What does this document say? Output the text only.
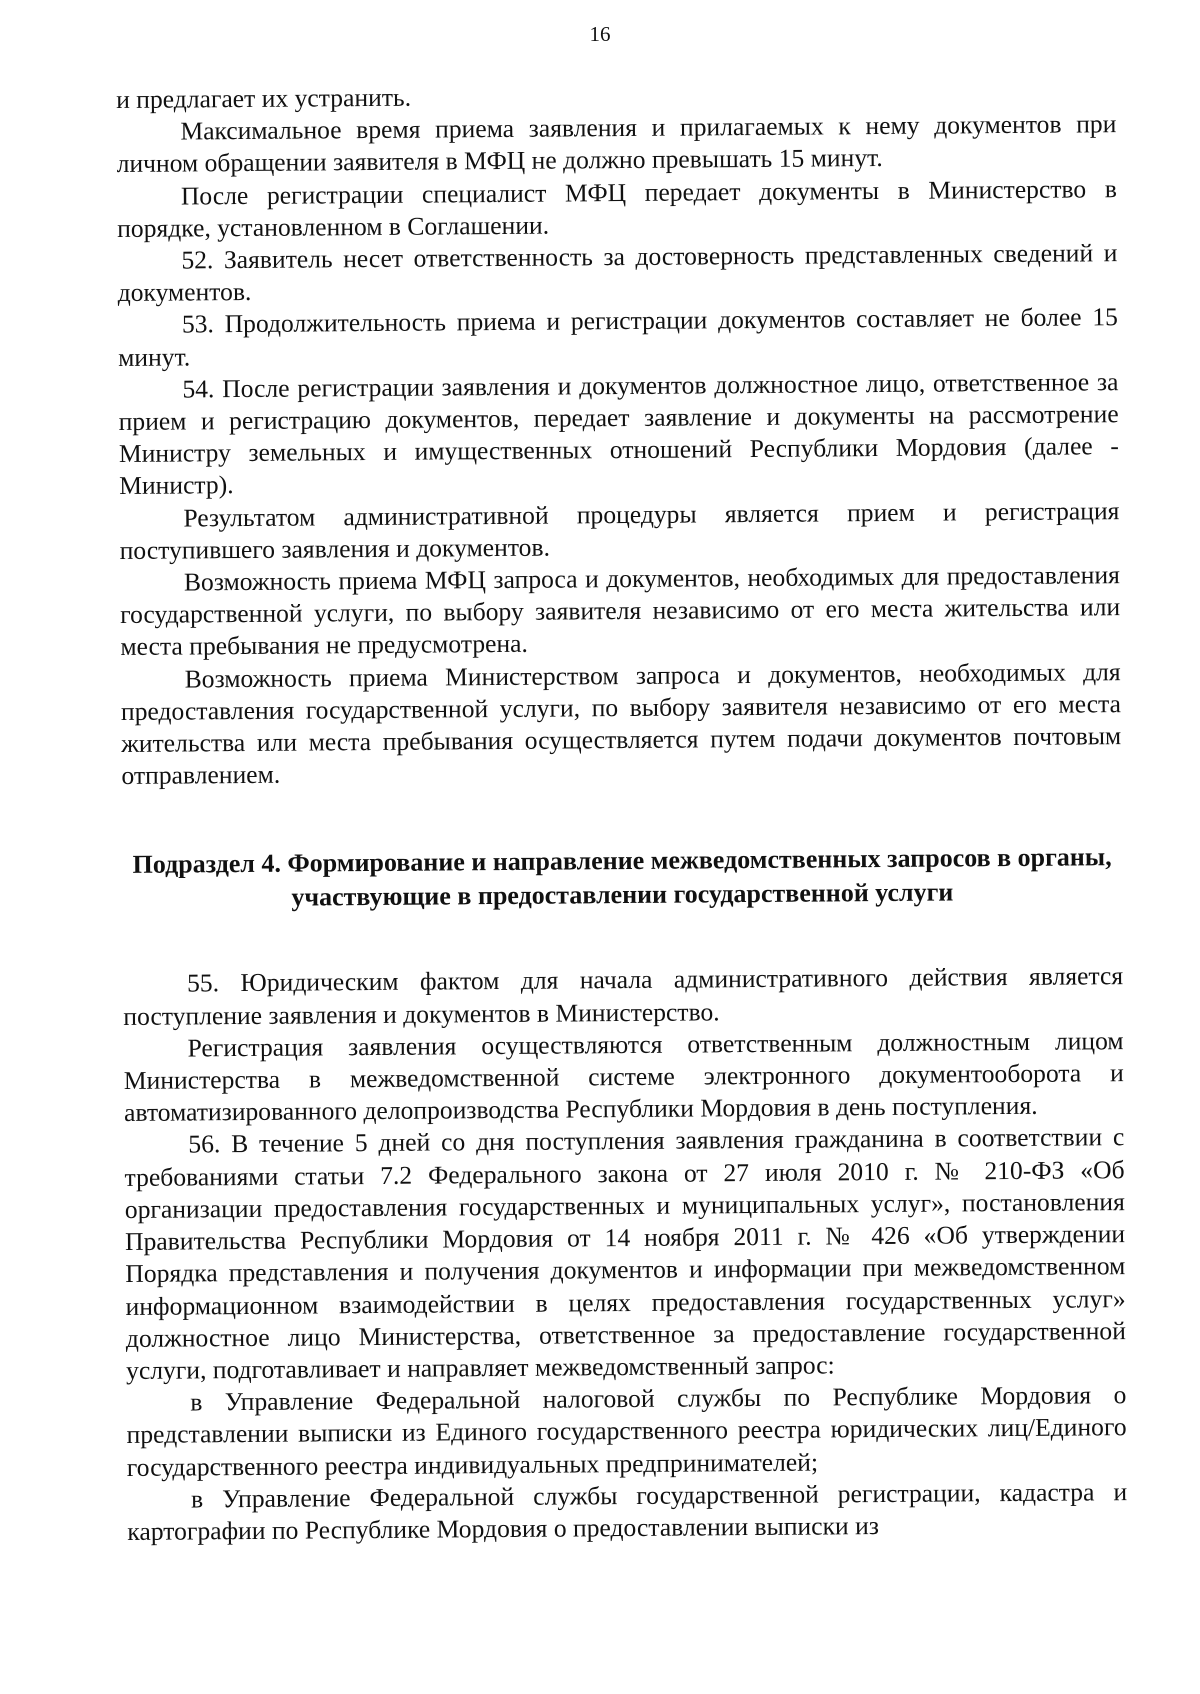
16

и предлагает их устранить.

Максимальное время приема заявления и прилагаемых к нему документов при личном обращении заявителя в МФЦ не должно превышать 15 минут.

После регистрации специалист МФЦ передает документы в Министерство в порядке, установленном в Соглашении.

52. Заявитель несет ответственность за достоверность представленных сведений и документов.

53. Продолжительность приема и регистрации документов составляет не более 15 минут.

54. После регистрации заявления и документов должностное лицо, ответственное за прием и регистрацию документов, передает заявление и документы на рассмотрение Министру земельных и имущественных отношений Республики Мордовия (далее - Министр).

Результатом административной процедуры является прием и регистрация поступившего заявления и документов.

Возможность приема МФЦ запроса и документов, необходимых для предоставления государственной услуги, по выбору заявителя независимо от его места жительства или места пребывания не предусмотрена.

Возможность приема Министерством запроса и документов, необходимых для предоставления государственной услуги, по выбору заявителя независимо от его места жительства или места пребывания осуществляется путем подачи документов почтовым отправлением.

Подраздел 4. Формирование и направление межведомственных запросов в органы, участвующие в предоставлении государственной услуги

55. Юридическим фактом для начала административного действия является поступление заявления и документов в Министерство.

Регистрация заявления осуществляются ответственным должностным лицом Министерства в межведомственной системе электронного документооборота и автоматизированного делопроизводства Республики Мордовия в день поступления.

56. В течение 5 дней со дня поступления заявления гражданина в соответствии с требованиями статьи 7.2 Федерального закона от 27 июля 2010 г. № 210-ФЗ «Об организации предоставления государственных и муниципальных услуг», постановления Правительства Республики Мордовия от 14 ноября 2011 г. № 426 «Об утверждении Порядка представления и получения документов и информации при межведомственном информационном взаимодействии в целях предоставления государственных услуг» должностное лицо Министерства, ответственное за предоставление государственной услуги, подготавливает и направляет межведомственный запрос:

в Управление Федеральной налоговой службы по Республике Мордовия о представлении выписки из Единого государственного реестра юридических лиц/Единого государственного реестра индивидуальных предпринимателей;

в Управление Федеральной службы государственной регистрации, кадастра и картографии по Республике Мордовия о предоставлении выписки из
